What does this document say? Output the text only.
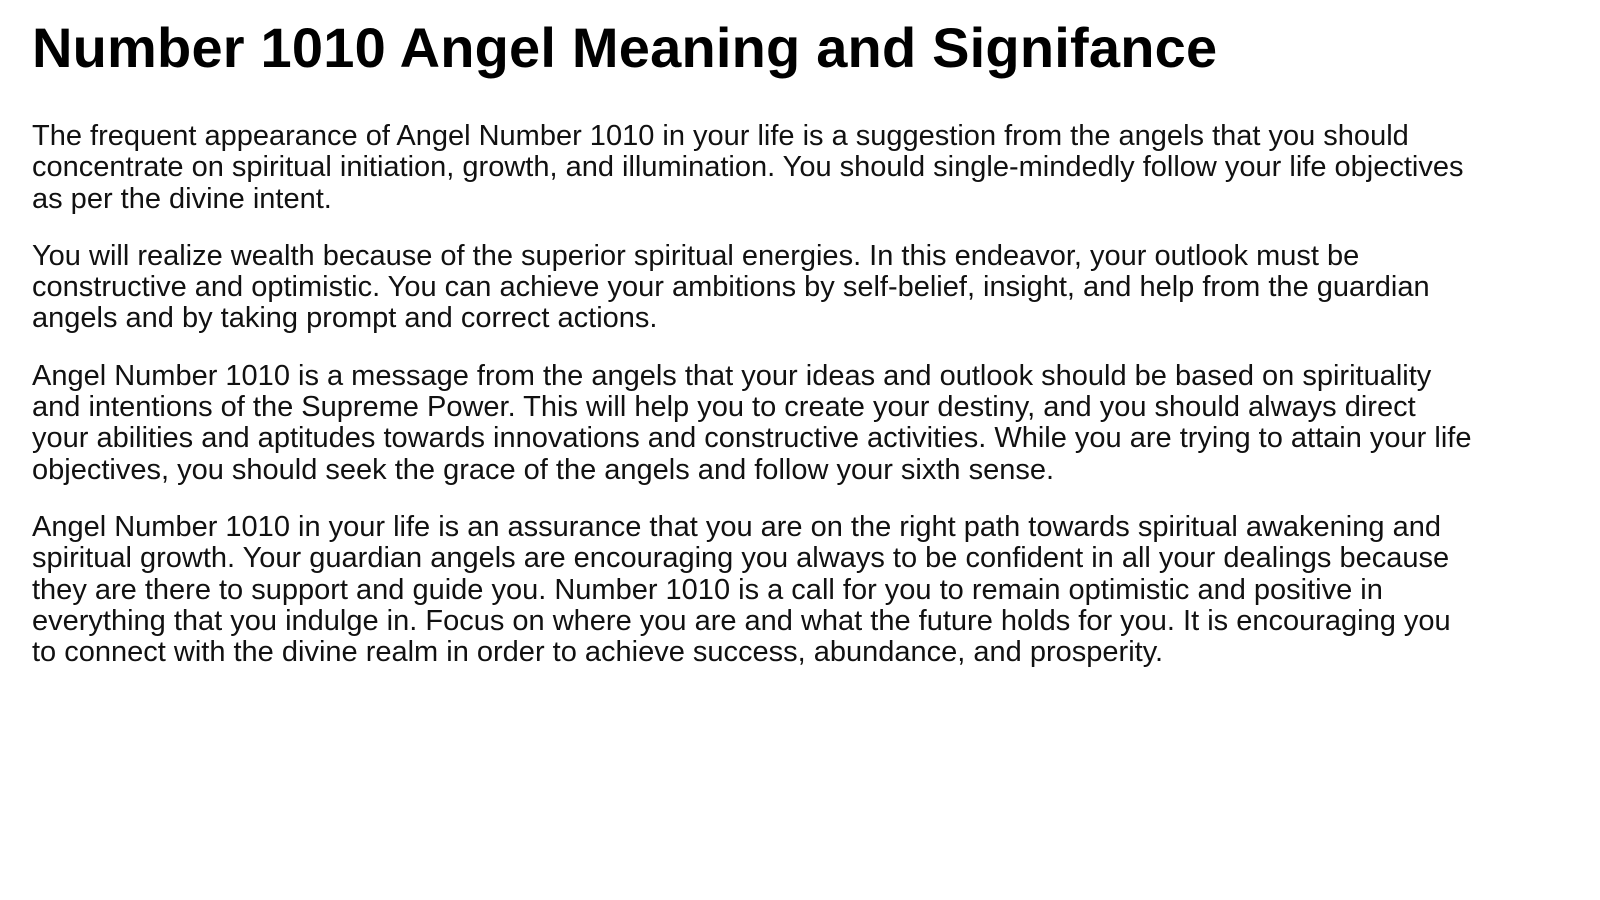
Number 1010 Angel Meaning and Signifance

The frequent appearance of Angel Number 1010 in your life is a suggestion from the angels that you should concentrate on spiritual initiation, growth, and illumination. You should single-mindedly follow your life objectives as per the divine intent.

You will realize wealth because of the superior spiritual energies. In this endeavor, your outlook must be constructive and optimistic. You can achieve your ambitions by self-belief, insight, and help from the guardian angels and by taking prompt and correct actions.

Angel Number 1010 is a message from the angels that your ideas and outlook should be based on spirituality and intentions of the Supreme Power. This will help you to create your destiny, and you should always direct your abilities and aptitudes towards innovations and constructive activities. While you are trying to attain your life objectives, you should seek the grace of the angels and follow your sixth sense.

Angel Number 1010 in your life is an assurance that you are on the right path towards spiritual awakening and spiritual growth. Your guardian angels are encouraging you always to be confident in all your dealings because they are there to support and guide you. Number 1010 is a call for you to remain optimistic and positive in everything that you indulge in. Focus on where you are and what the future holds for you. It is encouraging you to connect with the divine realm in order to achieve success, abundance, and prosperity.
